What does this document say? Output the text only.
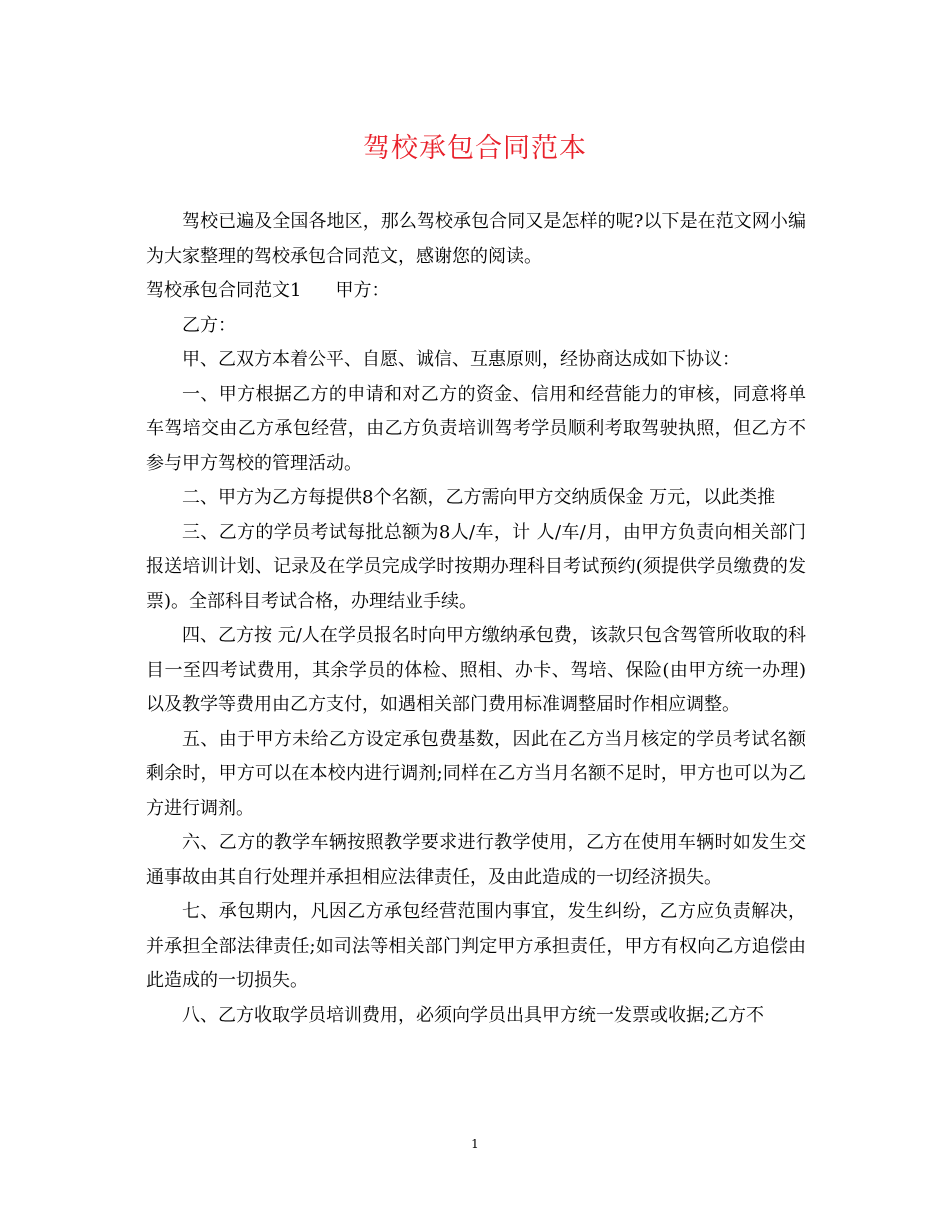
驾校承包合同范本

驾校已遍及全国各地区，那么驾校承包合同又是怎样的呢?以下是在范文网小编为大家整理的驾校承包合同范文，感谢您的阅读。

驾校承包合同范文1 甲方：

乙方：

甲、乙双方本着公平、自愿、诚信、互惠原则，经协商达成如下协议：

一、甲方根据乙方的申请和对乙方的资金、信用和经营能力的审核，同意将单车驾培交由乙方承包经营，由乙方负责培训驾考学员顺利考取驾驶执照，但乙方不参与甲方驾校的管理活动。

二、甲方为乙方每提供8个名额，乙方需向甲方交纳质保金 万元，以此类推

三、乙方的学员考试每批总额为8人/车，计 人/车/月，由甲方负责向相关部门报送培训计划、记录及在学员完成学时按期办理科目考试预约(须提供学员缴费的发票)。全部科目考试合格，办理结业手续。

四、乙方按 元/人在学员报名时向甲方缴纳承包费，该款只包含驾管所收取的科目一至四考试费用，其余学员的体检、照相、办卡、驾培、保险(由甲方统一办理)以及教学等费用由乙方支付，如遇相关部门费用标准调整届时作相应调整。

五、由于甲方未给乙方设定承包费基数，因此在乙方当月核定的学员考试名额剩余时，甲方可以在本校内进行调剂;同样在乙方当月名额不足时，甲方也可以为乙方进行调剂。

六、乙方的教学车辆按照教学要求进行教学使用，乙方在使用车辆时如发生交通事故由其自行处理并承担相应法律责任，及由此造成的一切经济损失。

七、承包期内，凡因乙方承包经营范围内事宜，发生纠纷，乙方应负责解决，并承担全部法律责任;如司法等相关部门判定甲方承担责任，甲方有权向乙方追偿由此造成的一切损失。

八、乙方收取学员培训费用，必须向学员出具甲方统一发票或收据;乙方不

1
